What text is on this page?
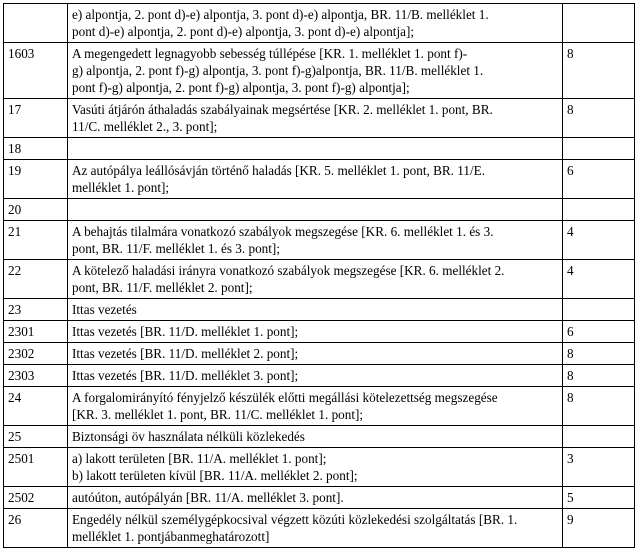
	e) alpontja, 2. pont d)-e) alpontja, 3. pont d)-e) alpontja, BR. 11/B. melléklet 1.
pont d)-e) alpontja, 2. pont d)-e) alpontja, 3. pont d)-e) alpontja];	
1603	A megengedett legnagyobb sebesség túllépése [KR. 1. melléklet 1. pont f)-
g) alpontja, 2. pont f)-g) alpontja, 3. pont f)-g)alpontja, BR. 11/B. melléklet 1.
pont f)-g) alpontja, 2. pont f)-g) alpontja, 3. pont f)-g) alpontja];	8
17	Vasúti átjárón áthaladás szabályainak megsértése [KR. 2. melléklet 1. pont, BR.
11/C. melléklet 2., 3. pont];	8
18		
19	Az autópálya leállósávján történő haladás [KR. 5. melléklet 1. pont, BR. 11/E.
melléklet 1. pont];	6
20		
21	A behajtás tilalmára vonatkozó szabályok megszegése [KR. 6. melléklet 1. és 3.
pont, BR. 11/F. melléklet 1. és 3. pont];	4
22	A kötelező haladási irányra vonatkozó szabályok megszegése [KR. 6. melléklet 2.
pont, BR. 11/F. melléklet 2. pont];	4
23	Ittas vezetés	
2301	Ittas vezetés [BR. 11/D. melléklet 1. pont];	6
2302	Ittas vezetés [BR. 11/D. melléklet 2. pont];	8
2303	Ittas vezetés [BR. 11/D. melléklet 3. pont];	8
24	A forgalomirányító fényjelző készülék előtti megállási kötelezettség megszegése
[KR. 3. melléklet 1. pont, BR. 11/C. melléklet 1. pont];	8
25	Biztonsági öv használata nélküli közlekedés	
2501	a) lakott területen [BR. 11/A. melléklet 1. pont];
b) lakott területen kívül [BR. 11/A. melléklet 2. pont];	3
2502	autóúton, autópályán [BR. 11/A. melléklet 3. pont].	5
26	Engedély nélkül személygépkocsival végzett közúti közlekedési szolgáltatás [BR. 1.
melléklet 1. pontjábanmeghatározott]	9
